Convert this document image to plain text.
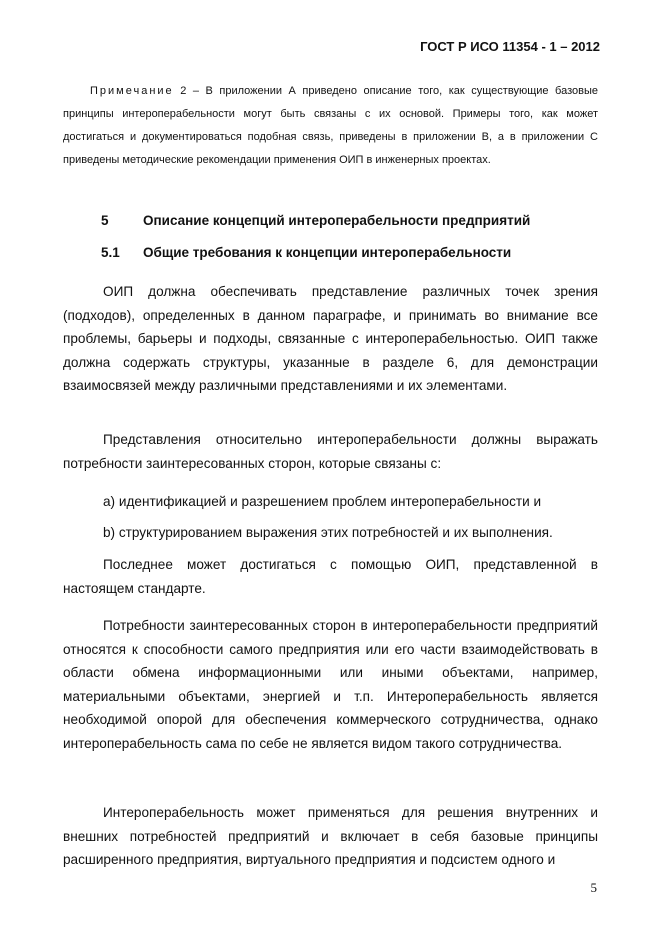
ГОСТ Р ИСО 11354 - 1 – 2012

Примечание 2 – В приложении А приведено описание того, как существующие базовые принципы интероперабельности могут быть связаны с их основой. Примеры того, как может достигаться и документироваться подобная связь, приведены в приложении В, а в приложении С приведены методические рекомендации применения ОИП в инженерных проектах.

5	Описание концепций интероперабельности предприятий
5.1 Общие требования к концепции интероперабельности

ОИП должна обеспечивать представление различных точек зрения (подходов), определенных в данном параграфе, и принимать во внимание все проблемы, барьеры и подходы, связанные с интероперабельностью. ОИП также должна содержать структуры, указанные в разделе 6, для демонстрации взаимосвязей между различными представлениями и их элементами.

Представления относительно интероперабельности должны выражать потребности заинтересованных сторон, которые связаны с:

a) идентификацией и разрешением проблем интероперабельности и

b) структурированием выражения этих потребностей и их выполнения.

Последнее может достигаться с помощью ОИП, представленной в настоящем стандарте.

Потребности заинтересованных сторон в интероперабельности предприятий относятся к способности самого предприятия или его части взаимодействовать в области обмена информационными или иными объектами, например, материальными объектами, энергией и т.п. Интероперабельность является необходимой опорой для обеспечения коммерческого сотрудничества, однако интероперабельность сама по себе не является видом такого сотрудничества.

Интероперабельность может применяться для решения внутренних и внешних потребностей предприятий и включает в себя базовые принципы расширенного предприятия, виртуального предприятия и подсистем одного и

5
